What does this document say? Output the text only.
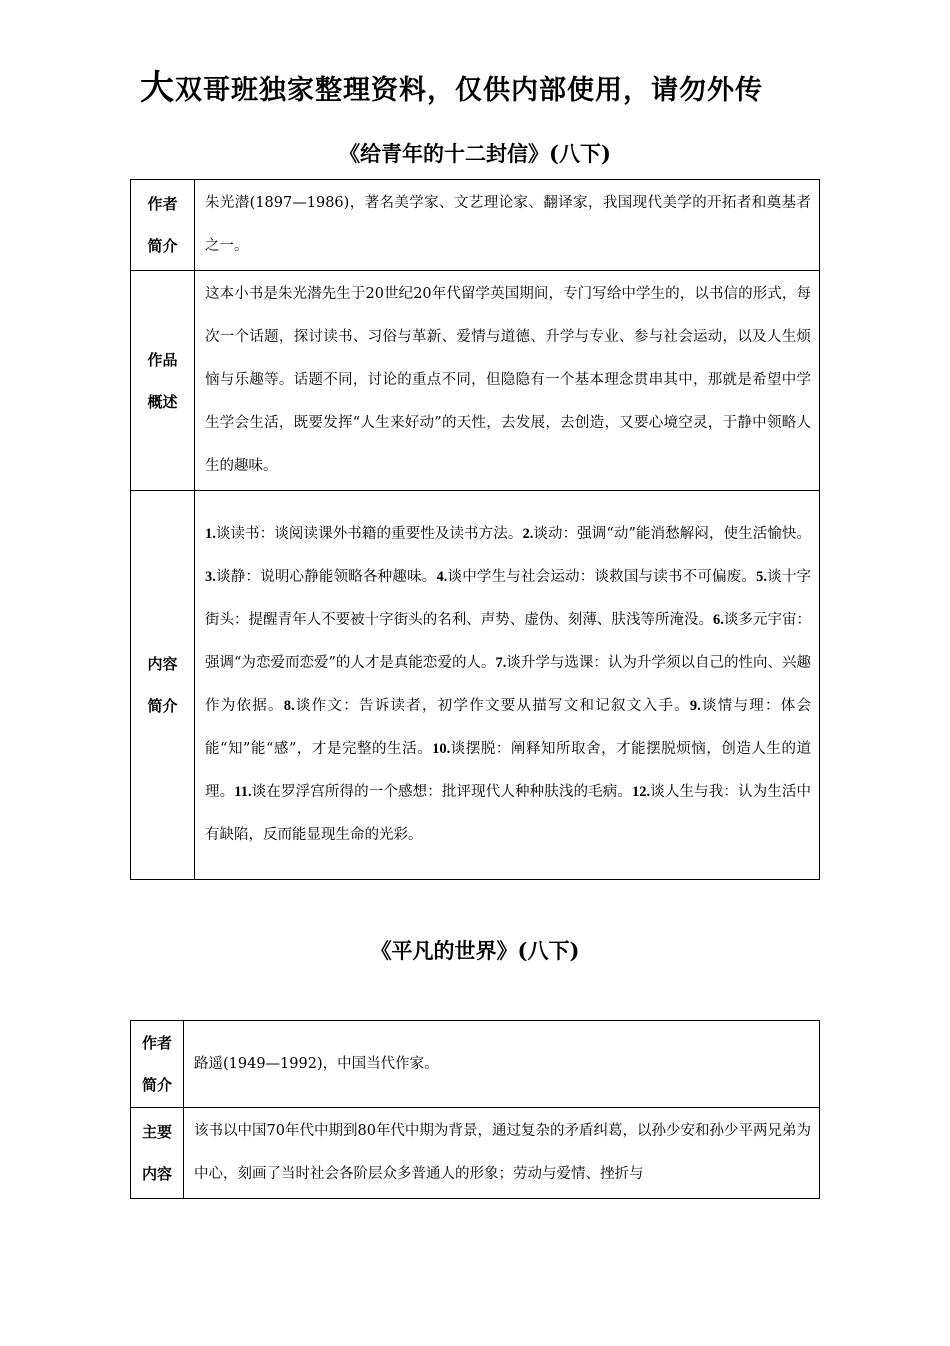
大双哥班独家整理资料，仅供内部使用，请勿外传
《给青年的十二封信》(八下)
作者
简介	朱光潜(1897—1986)，著名美学家、文艺理论家、翻译家，我国现代美学的开拓者和奠基者之一。
作品
概述	这本小书是朱光潜先生于20世纪20年代留学英国期间，专门写给中学生的，以书信的形式，每次一个话题，探讨读书、习俗与革新、爱情与道德、升学与专业、参与社会运动，以及人生烦恼与乐趣等。话题不同，讨论的重点不同，但隐隐有一个基本理念贯串其中，那就是希望中学生学会生活，既要发挥“人生来好动”的天性，去发展，去创造，又要心境空灵，于静中领略人生的趣味。
内容
简介	1.谈读书：谈阅读课外书籍的重要性及读书方法。2.谈动：强调“动”能消愁解闷，使生活愉快。3.谈静：说明心静能领略各种趣味。4.谈中学生与社会运动：谈救国与读书不可偏废。5.谈十字街头：提醒青年人不要被十字街头的名利、声势、虚伪、刻薄、肤浅等所淹没。6.谈多元宇宙：强调“为恋爱而恋爱”的人才是真能恋爱的人。7.谈升学与选课：认为升学须以自己的性向、兴趣作为依据。8.谈作文：告诉读者，初学作文要从描写文和记叙文入手。9.谈情与理：体会能“知”能“感”，才是完整的生活。10.谈摆脱：阐释知所取舍，才能摆脱烦恼，创造人生的道理。11.谈在罗浮宫所得的一个感想：批评现代人种种肤浅的毛病。12.谈人生与我：认为生活中有缺陷，反而能显现生命的光彩。
《平凡的世界》(八下)
作者
简介	路遥(1949—1992)，中国当代作家。
主要
内容	该书以中国70年代中期到80年代中期为背景，通过复杂的矛盾纠葛，以孙少安和孙少平两兄弟为中心，刻画了当时社会各阶层众多普通人的形象；劳动与爱情、挫折与
